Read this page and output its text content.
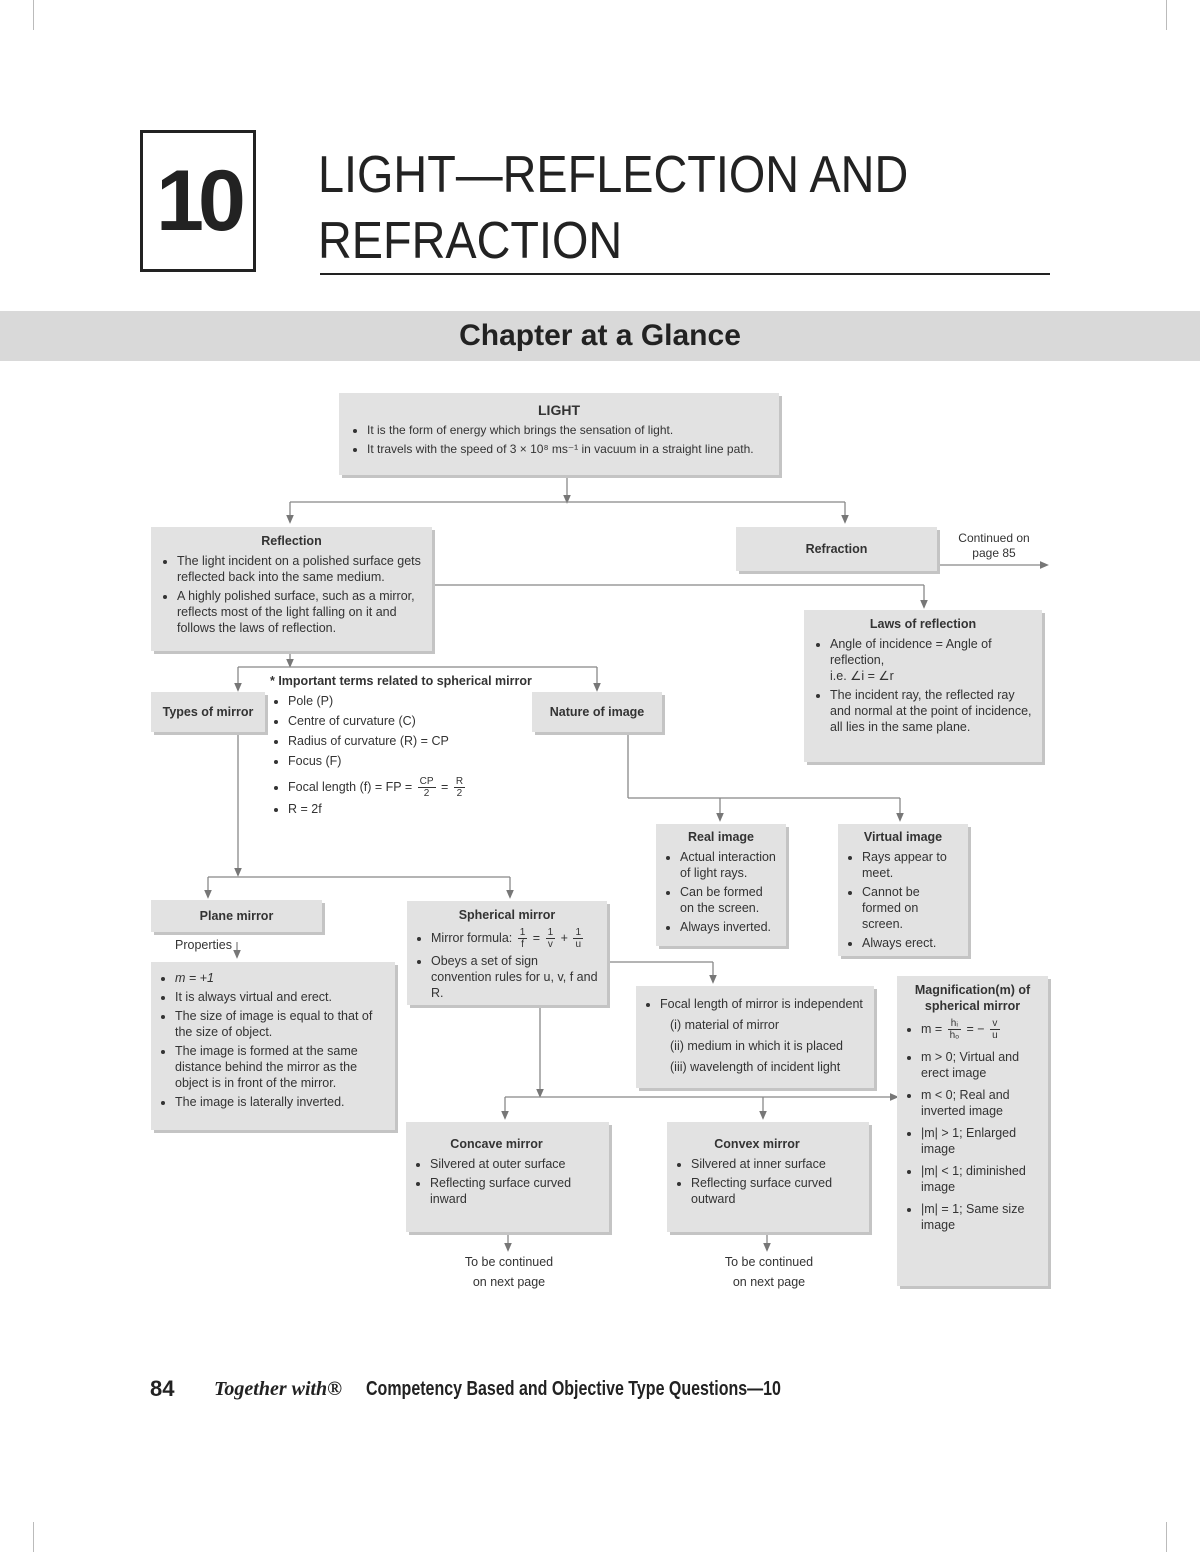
10	LIGHT—REFLECTION AND
REFRACTION
Chapter at a Glance
LIGHT
• It is the form of energy which brings the sensation of light.
• It travels with the speed of 3 × 10⁸ ms⁻¹ in vacuum in a straight line path.
Reflection
• The light incident on a polished surface gets reflected back into the same medium.
• A highly polished surface, such as a mirror, reflects most of the light falling on it and follows the laws of reflection.
Refraction
Continued on page 85
Laws of reflection
• Angle of incidence = Angle of reflection,
i.e. ∠i = ∠r
• The incident ray, the reflected ray and normal at the point of incidence, all lies in the same plane.
Types of mirror
* Important terms related to spherical mirror
• Pole (P)
• Centre of curvature (C)
• Radius of curvature (R) = CP
• Focus (F)
• Focal length (f) = FP = $\frac{CP}{2} = \frac{R}{2}$
• R = 2f
Nature of image
Real image
• Actual interaction of light rays.
• Can be formed on the screen.
• Always inverted.
Virtual image
• Rays appear to meet.
• Cannot be formed on screen.
• Always erect.
Plane mirror
Properties
• m = +1
• It is always virtual and erect.
• The size of image is equal to that of the size of object.
• The image is formed at the same distance behind the mirror as the object is in front of the mirror.
• The image is laterally inverted.
Spherical mirror
• Mirror formula: $\frac{1}{f} = \frac{1}{v} + \frac{1}{u}$
• Obeys a set of sign convention rules for u, v, f and R.
• Focal length of mirror is independent
(i) material of mirror
(ii) medium in which it is placed
(iii) wavelength of incident light
Magnification(m) of spherical mirror
• $m = \frac{\text{hᵢ}}{\text{hₒ}}$ = − $\frac{v}{u}$
• m > 0; Virtual and erect image
• m < 0; Real and inverted image
• |m| > 1; Enlarged image
• |m| < 1; diminished image
• |m| = 1; Same size image
Concave mirror
• Silvered at outer surface
• Reflecting surface curved inward
To be continued
on next page
Convex mirror
• Silvered at inner surface
• Reflecting surface curved outward
To be continued
on next page
84 Together with® Competency Based and Objective Type Questions—10
